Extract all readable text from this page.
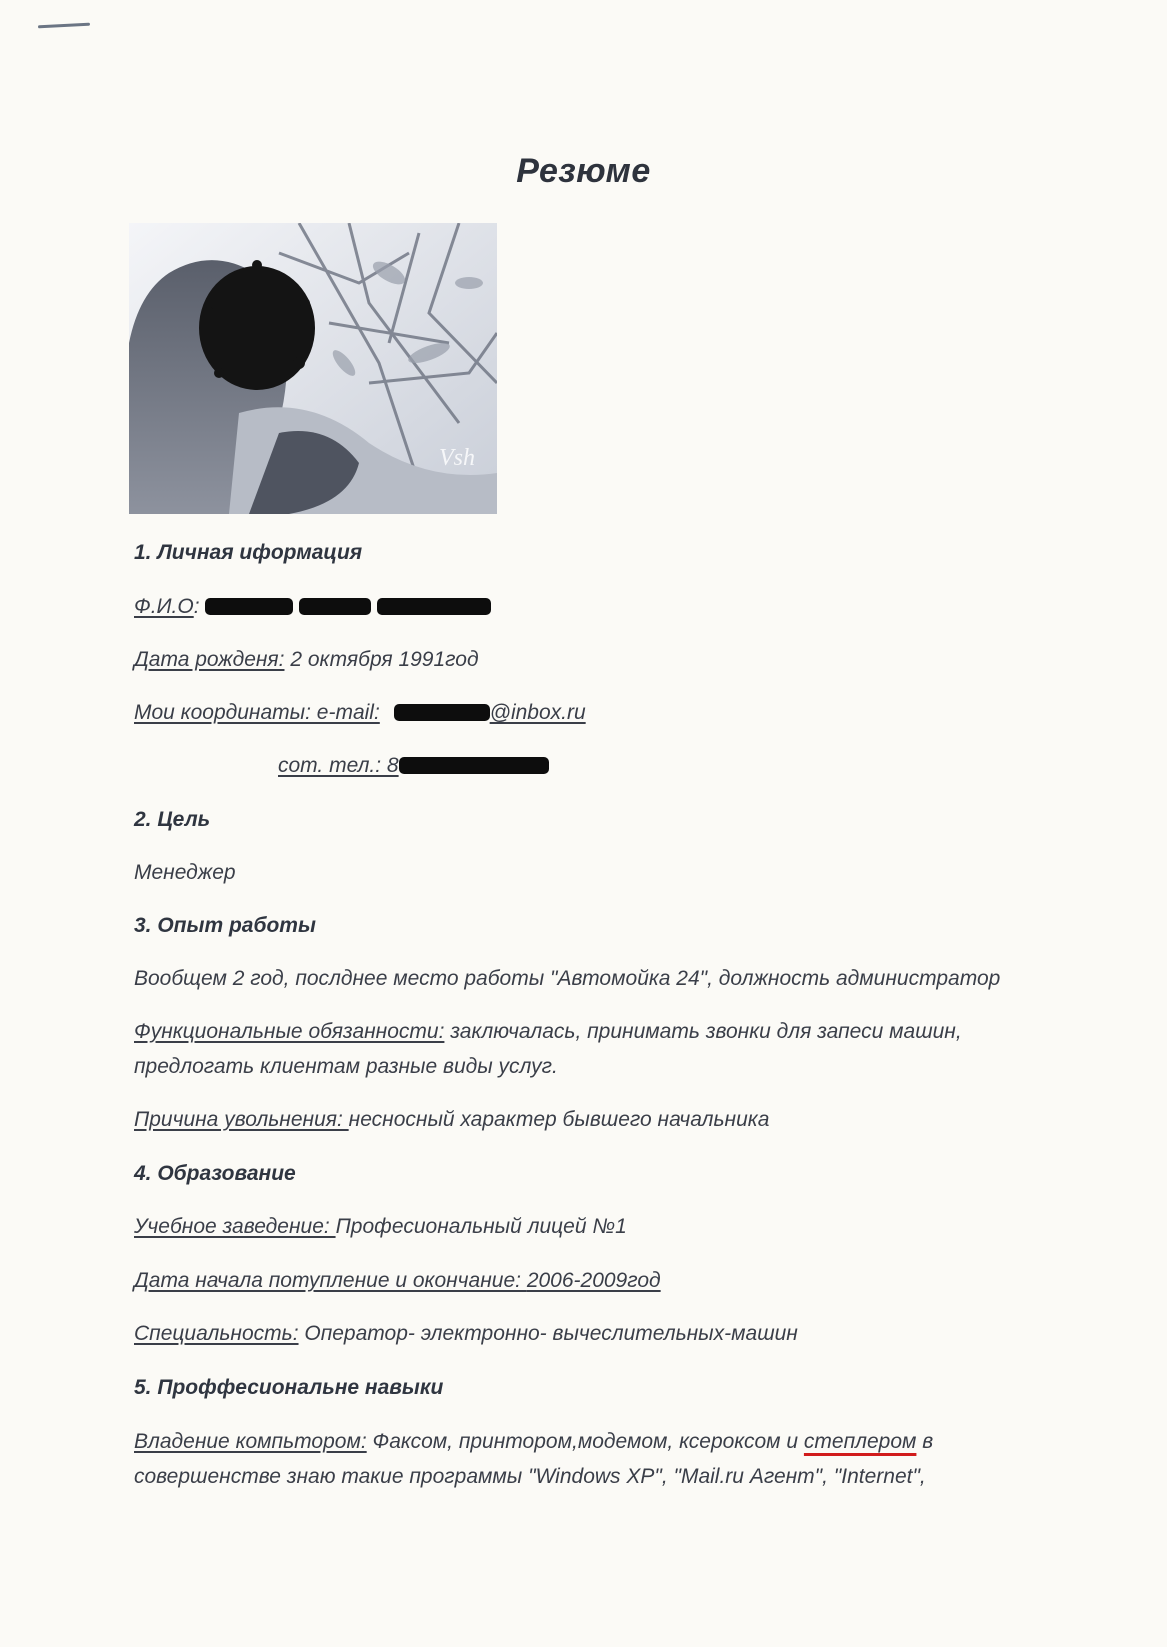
Резюме
Vsh
1. Личная иформация
Ф.И.О:
Дата рожденя: 2 октября 1991год
Мои координаты: e-mail:	@inbox.ru
сот. тел.: 8
2. Цель
Менеджер
3. Опыт работы
Вообщем 2 год, послднее место работы "Автомойка 24", должность администратор
Функциональные обязанности: заключалась, принимать звонки для запеси машин,
предлогать клиентам разные виды услуг.
Причина увольнения: несносный характер бывшего начальника
4. Образование
Учебное заведение: Професиональный лицей №1
Дата начала потупление и окончание: 2006-2009год
Специальность: Оператор- электронно- вычеслительных-машин
5. Проффесиональне навыки
Владение компьтором: Факсом, принтором,модемом, ксероксом и степлером в
совершенстве знаю такие программы "Windows XP", "Mail.ru Агент", "Internet",
